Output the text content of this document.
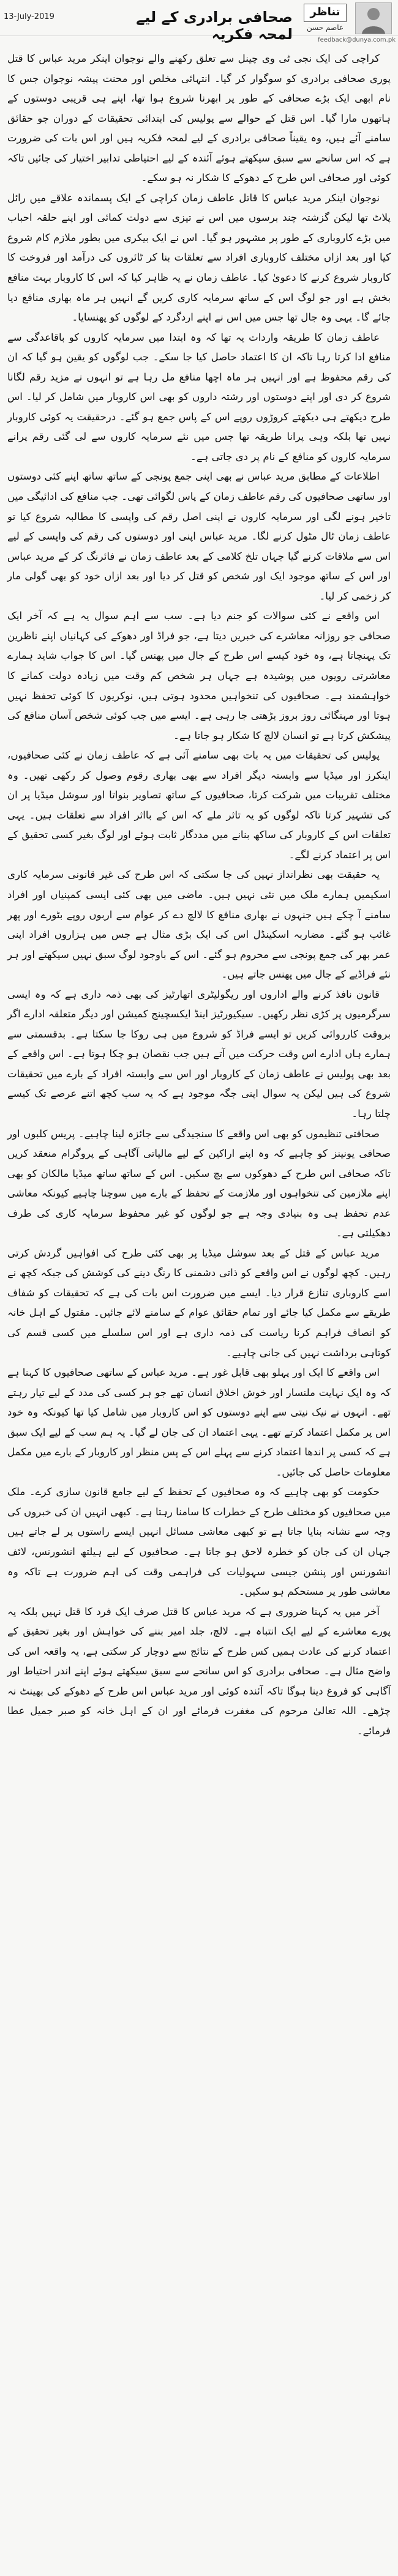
13-July-2019	صحافی برادری کے لیے لمحہ فکریہ
تناظر
عاصم حسن
feedback@dunya.com.pk

کراچی کی ایک نجی ٹی وی چینل سے تعلق رکھنے والے نوجوان اینکر مرید عباس کا قتل پوری صحافی برادری کو سوگوار کر گیا۔ انتہائی مخلص اور محنت پیشہ نوجوان جس کا نام ابھی ایک بڑے صحافی کے طور پر ابھرنا شروع ہوا تھا، اپنے ہی قریبی دوستوں کے ہاتھوں مارا گیا۔ اس قتل کے حوالے سے پولیس کی ابتدائی تحقیقات کے دوران جو حقائق سامنے آئے ہیں، وہ یقیناً صحافی برادری کے لیے لمحہ فکریہ ہیں اور اس بات کی ضرورت ہے کہ اس سانحے سے سبق سیکھتے ہوئے آئندہ کے لیے احتیاطی تدابیر اختیار کی جائیں تاکہ کوئی اور صحافی اس طرح کے دھوکے کا شکار نہ ہو سکے۔

نوجوان اینکر مرید عباس کا قاتل عاطف زمان کراچی کے ایک پسماندہ علاقے میں رائل پلاٹ تھا لیکن گزشتہ چند برسوں میں اس نے تیزی سے دولت کمائی اور اپنے حلقہ احباب میں بڑے کاروباری کے طور پر مشہور ہو گیا۔ اس نے ایک بیکری میں بطور ملازم کام شروع کیا اور بعد ازاں مختلف کاروباری افراد سے تعلقات بنا کر ٹائروں کی درآمد اور فروخت کا کاروبار شروع کرنے کا دعویٰ کیا۔ عاطف زمان نے یہ ظاہر کیا کہ اس کا کاروبار بہت منافع بخش ہے اور جو لوگ اس کے ساتھ سرمایہ کاری کریں گے انہیں ہر ماہ بھاری منافع دیا جائے گا۔ یہی وہ جال تھا جس میں اس نے اپنے اردگرد کے لوگوں کو پھنسایا۔

عاطف زمان کا طریقہ واردات یہ تھا کہ وہ ابتدا میں سرمایہ کاروں کو باقاعدگی سے منافع ادا کرتا رہا تاکہ ان کا اعتماد حاصل کیا جا سکے۔ جب لوگوں کو یقین ہو گیا کہ ان کی رقم محفوظ ہے اور انہیں ہر ماہ اچھا منافع مل رہا ہے تو انہوں نے مزید رقم لگانا شروع کر دی اور اپنے دوستوں اور رشتہ داروں کو بھی اس کاروبار میں شامل کر لیا۔ اس طرح دیکھتے ہی دیکھتے کروڑوں روپے اس کے پاس جمع ہو گئے۔ درحقیقت یہ کوئی کاروبار نہیں تھا بلکہ وہی پرانا طریقہ تھا جس میں نئے سرمایہ کاروں سے لی گئی رقم پرانے سرمایہ کاروں کو منافع کے نام پر دی جاتی ہے۔

اطلاعات کے مطابق مرید عباس نے بھی اپنی جمع پونجی کے ساتھ ساتھ اپنے کئی دوستوں اور ساتھی صحافیوں کی رقم عاطف زمان کے پاس لگوائی تھی۔ جب منافع کی ادائیگی میں تاخیر ہونے لگی اور سرمایہ کاروں نے اپنی اصل رقم کی واپسی کا مطالبہ شروع کیا تو عاطف زمان ٹال مٹول کرنے لگا۔ مرید عباس اپنی اور دوستوں کی رقم کی واپسی کے لیے اس سے ملاقات کرنے گیا جہاں تلخ کلامی کے بعد عاطف زمان نے فائرنگ کر کے مرید عباس اور اس کے ساتھ موجود ایک اور شخص کو قتل کر دیا اور بعد ازاں خود کو بھی گولی مار کر زخمی کر لیا۔

اس واقعے نے کئی سوالات کو جنم دیا ہے۔ سب سے اہم سوال یہ ہے کہ آخر ایک صحافی جو روزانہ معاشرے کی خبریں دیتا ہے، جو فراڈ اور دھوکے کی کہانیاں اپنے ناظرین تک پہنچاتا ہے، وہ خود کیسے اس طرح کے جال میں پھنس گیا۔ اس کا جواب شاید ہمارے معاشرتی رویوں میں پوشیدہ ہے جہاں ہر شخص کم وقت میں زیادہ دولت کمانے کا خواہشمند ہے۔ صحافیوں کی تنخواہیں محدود ہوتی ہیں، نوکریوں کا کوئی تحفظ نہیں ہوتا اور مہنگائی روز بروز بڑھتی جا رہی ہے۔ ایسے میں جب کوئی شخص آسان منافع کی پیشکش کرتا ہے تو انسان لالچ کا شکار ہو جاتا ہے۔

پولیس کی تحقیقات میں یہ بات بھی سامنے آئی ہے کہ عاطف زمان نے کئی صحافیوں، اینکرز اور میڈیا سے وابستہ دیگر افراد سے بھی بھاری رقوم وصول کر رکھی تھیں۔ وہ مختلف تقریبات میں شرکت کرتا، صحافیوں کے ساتھ تصاویر بنواتا اور سوشل میڈیا پر ان کی تشہیر کرتا تاکہ لوگوں کو یہ تاثر ملے کہ اس کے بااثر افراد سے تعلقات ہیں۔ یہی تعلقات اس کے کاروبار کی ساکھ بنانے میں مددگار ثابت ہوئے اور لوگ بغیر کسی تحقیق کے اس پر اعتماد کرنے لگے۔

یہ حقیقت بھی نظرانداز نہیں کی جا سکتی کہ اس طرح کی غیر قانونی سرمایہ کاری اسکیمیں ہمارے ملک میں نئی نہیں ہیں۔ ماضی میں بھی کئی ایسی کمپنیاں اور افراد سامنے آ چکے ہیں جنہوں نے بھاری منافع کا لالچ دے کر عوام سے اربوں روپے بٹورے اور پھر غائب ہو گئے۔ مضاربہ اسکینڈل اس کی ایک بڑی مثال ہے جس میں ہزاروں افراد اپنی عمر بھر کی جمع پونجی سے محروم ہو گئے۔ اس کے باوجود لوگ سبق نہیں سیکھتے اور ہر نئے فراڈیے کے جال میں پھنس جاتے ہیں۔

قانون نافذ کرنے والے اداروں اور ریگولیٹری اتھارٹیز کی بھی ذمہ داری ہے کہ وہ ایسی سرگرمیوں پر کڑی نظر رکھیں۔ سیکیورٹیز اینڈ ایکسچینج کمیشن اور دیگر متعلقہ ادارے اگر بروقت کارروائی کریں تو ایسے فراڈ کو شروع میں ہی روکا جا سکتا ہے۔ بدقسمتی سے ہمارے ہاں ادارے اس وقت حرکت میں آتے ہیں جب نقصان ہو چکا ہوتا ہے۔ اس واقعے کے بعد بھی پولیس نے عاطف زمان کے کاروبار اور اس سے وابستہ افراد کے بارے میں تحقیقات شروع کی ہیں لیکن یہ سوال اپنی جگہ موجود ہے کہ یہ سب کچھ اتنے عرصے تک کیسے چلتا رہا۔

صحافتی تنظیموں کو بھی اس واقعے کا سنجیدگی سے جائزہ لینا چاہیے۔ پریس کلبوں اور صحافی یونینز کو چاہیے کہ وہ اپنے اراکین کے لیے مالیاتی آگاہی کے پروگرام منعقد کریں تاکہ صحافی اس طرح کے دھوکوں سے بچ سکیں۔ اس کے ساتھ ساتھ میڈیا مالکان کو بھی اپنے ملازمین کی تنخواہوں اور ملازمت کے تحفظ کے بارے میں سوچنا چاہیے کیونکہ معاشی عدم تحفظ ہی وہ بنیادی وجہ ہے جو لوگوں کو غیر محفوظ سرمایہ کاری کی طرف دھکیلتی ہے۔

مرید عباس کے قتل کے بعد سوشل میڈیا پر بھی کئی طرح کی افواہیں گردش کرتی رہیں۔ کچھ لوگوں نے اس واقعے کو ذاتی دشمنی کا رنگ دینے کی کوشش کی جبکہ کچھ نے اسے کاروباری تنازع قرار دیا۔ ایسے میں ضرورت اس بات کی ہے کہ تحقیقات کو شفاف طریقے سے مکمل کیا جائے اور تمام حقائق عوام کے سامنے لائے جائیں۔ مقتول کے اہل خانہ کو انصاف فراہم کرنا ریاست کی ذمہ داری ہے اور اس سلسلے میں کسی قسم کی کوتاہی برداشت نہیں کی جانی چاہیے۔

اس واقعے کا ایک اور پہلو بھی قابل غور ہے۔ مرید عباس کے ساتھی صحافیوں کا کہنا ہے کہ وہ ایک نہایت ملنسار اور خوش اخلاق انسان تھے جو ہر کسی کی مدد کے لیے تیار رہتے تھے۔ انہوں نے نیک نیتی سے اپنے دوستوں کو اس کاروبار میں شامل کیا تھا کیونکہ وہ خود اس پر مکمل اعتماد کرتے تھے۔ یہی اعتماد ان کی جان لے گیا۔ یہ ہم سب کے لیے ایک سبق ہے کہ کسی پر اندھا اعتماد کرنے سے پہلے اس کے پس منظر اور کاروبار کے بارے میں مکمل معلومات حاصل کی جائیں۔

حکومت کو بھی چاہیے کہ وہ صحافیوں کے تحفظ کے لیے جامع قانون سازی کرے۔ ملک میں صحافیوں کو مختلف طرح کے خطرات کا سامنا رہتا ہے۔ کبھی انہیں ان کی خبروں کی وجہ سے نشانہ بنایا جاتا ہے تو کبھی معاشی مسائل انہیں ایسے راستوں پر لے جاتے ہیں جہاں ان کی جان کو خطرہ لاحق ہو جاتا ہے۔ صحافیوں کے لیے ہیلتھ انشورنس، لائف انشورنس اور پنشن جیسی سہولیات کی فراہمی وقت کی اہم ضرورت ہے تاکہ وہ معاشی طور پر مستحکم ہو سکیں۔

آخر میں یہ کہنا ضروری ہے کہ مرید عباس کا قتل صرف ایک فرد کا قتل نہیں بلکہ یہ پورے معاشرے کے لیے ایک انتباہ ہے۔ لالچ، جلد امیر بننے کی خواہش اور بغیر تحقیق کے اعتماد کرنے کی عادت ہمیں کس طرح کے نتائج سے دوچار کر سکتی ہے، یہ واقعہ اس کی واضح مثال ہے۔ صحافی برادری کو اس سانحے سے سبق سیکھتے ہوئے اپنے اندر احتیاط اور آگاہی کو فروغ دینا ہوگا تاکہ آئندہ کوئی اور مرید عباس اس طرح کے دھوکے کی بھینٹ نہ چڑھے۔ اللہ تعالیٰ مرحوم کی مغفرت فرمائے اور ان کے اہل خانہ کو صبر جمیل عطا فرمائے۔
